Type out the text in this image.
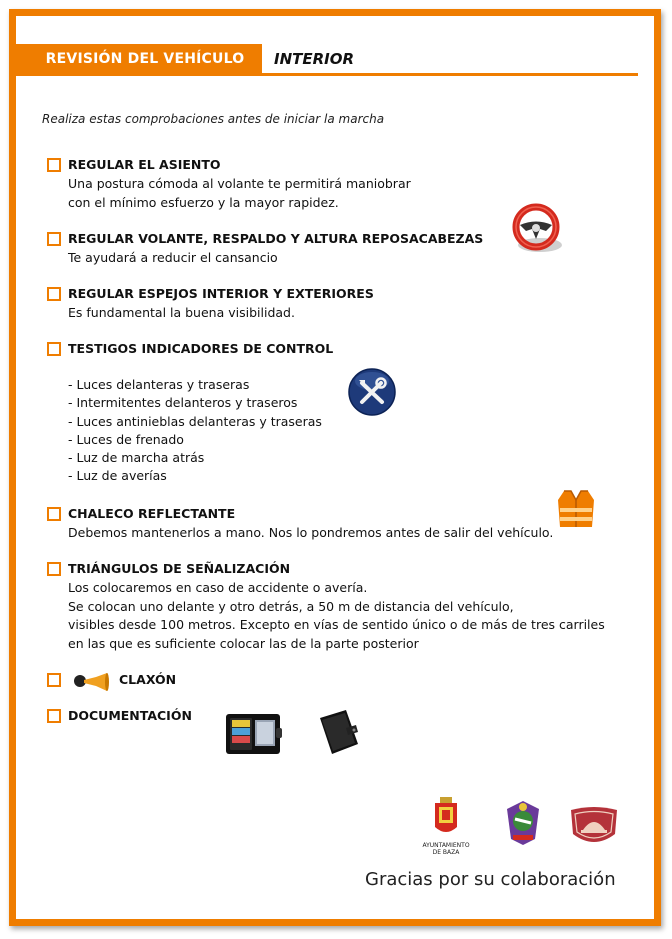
REVISIÓN DEL VEHÍCULO INTERIOR
Realiza estas comprobaciones antes de iniciar la marcha
REGULAR EL ASIENTO
Una postura cómoda al volante te permitirá maniobrar
con el mínimo esfuerzo y la mayor rapidez.
REGULAR VOLANTE, RESPALDO Y ALTURA REPOSACABEZAS
Te ayudará a reducir el cansancio
REGULAR ESPEJOS INTERIOR Y EXTERIORES
Es fundamental la buena visibilidad.
TESTIGOS INDICADORES DE CONTROL
- Luces delanteras y traseras
- Intermitentes delanteros y traseros
- Luces antinieblas delanteras y traseras
- Luces de frenado
- Luz de marcha atrás
- Luz de averías
CHALECO REFLECTANTE
Debemos mantenerlos a mano. Nos lo pondremos antes de salir del vehículo.
TRIÁNGULOS DE SEÑALIZACIÓN
Los colocaremos en caso de accidente o avería.
Se colocan uno delante y otro detrás, a 50 m de distancia del vehículo,
visibles desde 100 metros. Excepto en vías de sentido único o de más de tres carriles
en las que es suficiente colocar las de la parte posterior
CLAXÓN
DOCUMENTACIÓN
AYUNTAMIENTO
DE BAZA
Gracias por su colaboración
